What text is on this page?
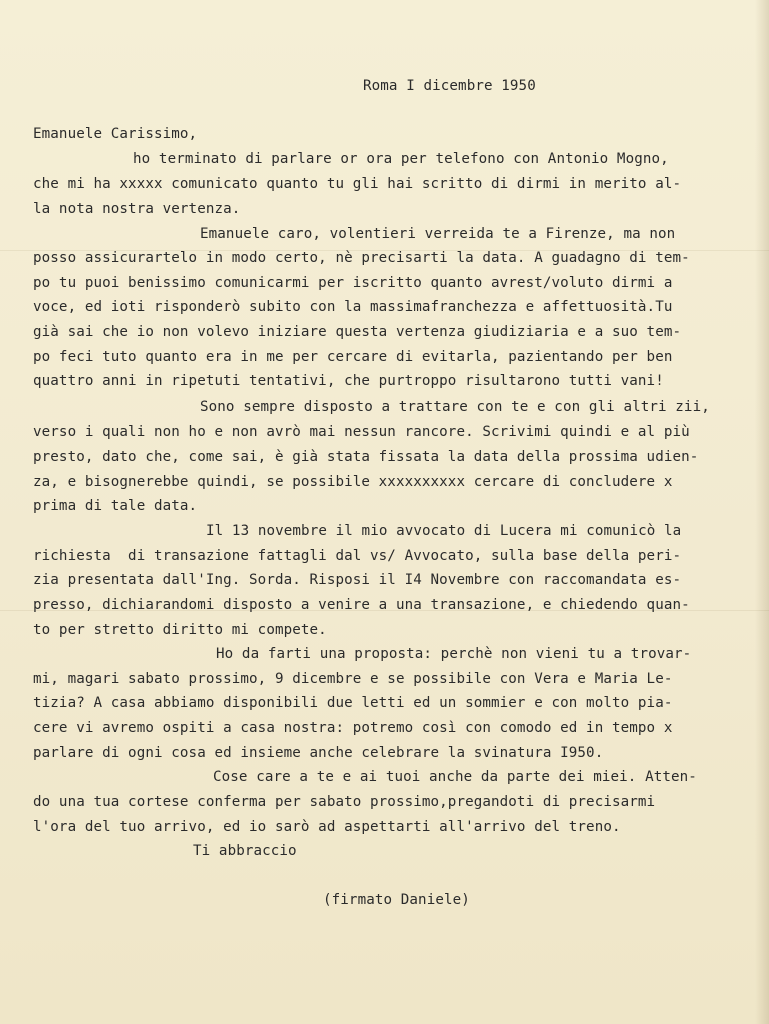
Roma I dicembre 1950

Emanuele Carissimo,

ho terminato di parlare or ora per telefono con Antonio Mogno,

che mi ha xxxxx comunicato quanto tu gli hai scritto di dirmi in merito al-

la nota nostra vertenza.

Emanuele caro, volentieri verreida te a Firenze, ma non

posso assicurartelo in modo certo, nè precisarti la data. A guadagno di tem-

po tu puoi benissimo comunicarmi per iscritto quanto avrest/voluto dirmi a

voce, ed ioti risponderò subito con la massimafranchezza e affettuosità.Tu

già sai che io non volevo iniziare questa vertenza giudiziaria e a suo tem-

po feci tuto quanto era in me per cercare di evitarla, pazientando per ben

quattro anni in ripetuti tentativi, che purtroppo risultarono tutti vani!

Sono sempre disposto a trattare con te e con gli altri zii,

verso i quali non ho e non avrò mai nessun rancore. Scrivimi quindi e al più

presto, dato che, come sai, è già stata fissata la data della prossima udien-

za, e bisognerebbe quindi, se possibile xxxxxxxxxx cercare di concludere x

prima di tale data.

Il 13 novembre il mio avvocato di Lucera mi comunicò la

richiesta  di transazione fattagli dal vs/ Avvocato, sulla base della peri-

zia presentata dall'Ing. Sorda. Risposi il I4 Novembre con raccomandata es-

presso, dichiarandomi disposto a venire a una transazione, e chiedendo quan-

to per stretto diritto mi compete.

Ho da farti una proposta: perchè non vieni tu a trovar-

mi, magari sabato prossimo, 9 dicembre e se possibile con Vera e Maria Le-

tizia? A casa abbiamo disponibili due letti ed un sommier e con molto pia-

cere vi avremo ospiti a casa nostra: potremo così con comodo ed in tempo x

parlare di ogni cosa ed insieme anche celebrare la svinatura I950.

Cose care a te e ai tuoi anche da parte dei miei. Atten-

do una tua cortese conferma per sabato prossimo,pregandoti di precisarmi

l'ora del tuo arrivo, ed io sarò ad aspettarti all'arrivo del treno.

Ti abbraccio

(firmato Daniele)
